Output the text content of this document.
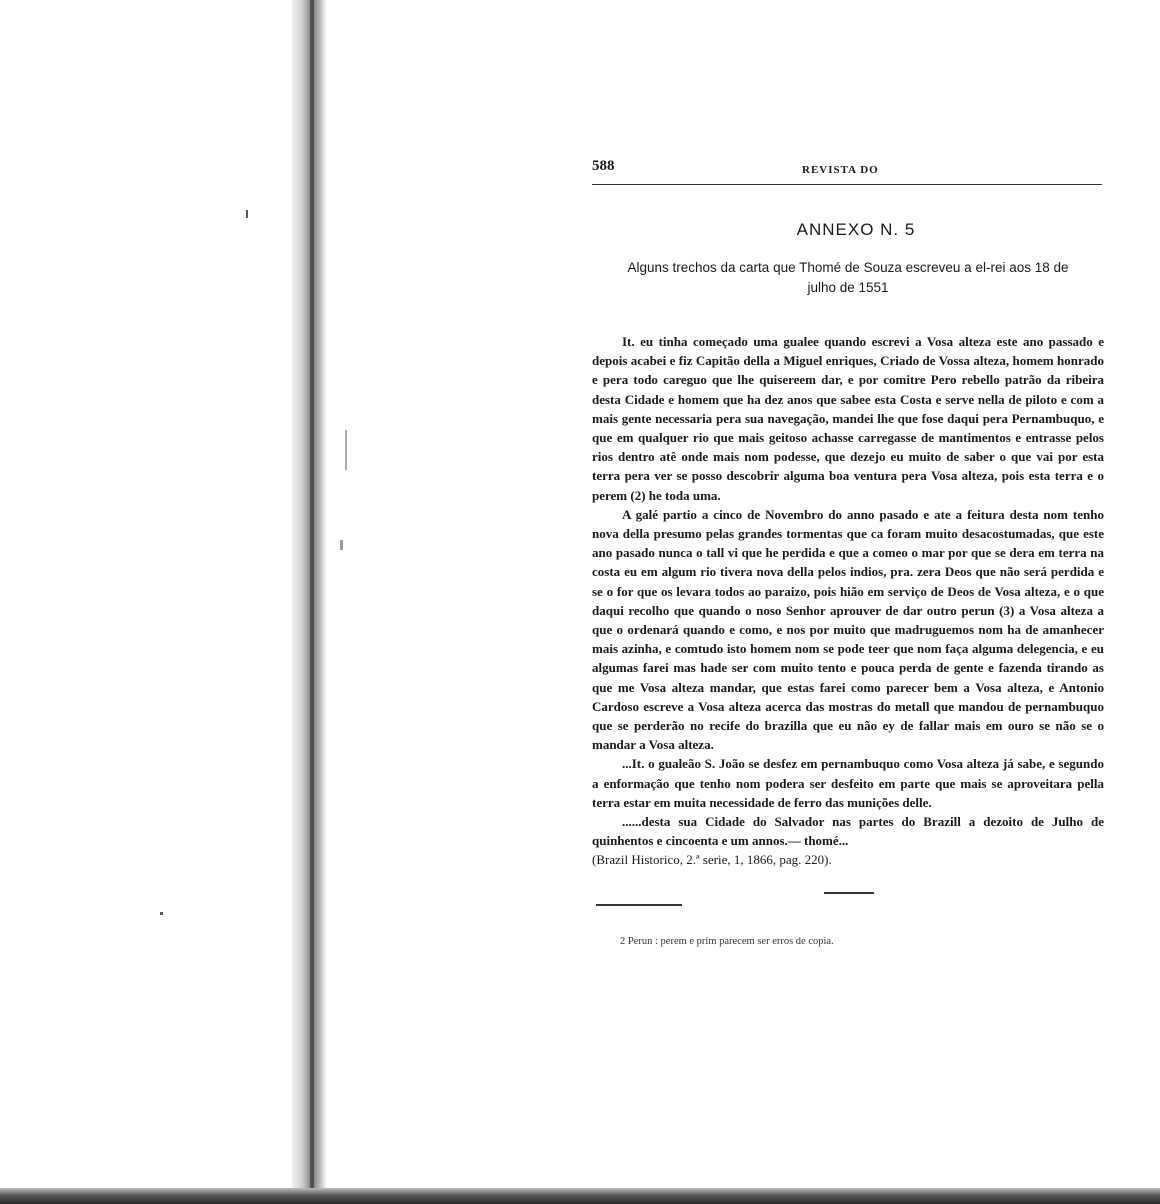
588	REVISTA DO
ANNEXO N. 5
Alguns trechos da carta que Thomé de Souza escreveu a el-rei aos 18 de
julho de 1551

It. eu tinha começado uma gualee quando escrevi a Vosa alteza este ano passado e depois acabei e fiz Capitão della a Miguel enriques, Criado de Vossa alteza, homem honrado e pera todo careguo que lhe quisereem dar, e por comitre Pero rebello patrão da ribeira desta Cidade e homem que ha dez anos que sabee esta Costa e serve nella de piloto e com a mais gente necessaria pera sua navegação, mandei lhe que fose daqui pera Pernambuquo, e que em qualquer rio que mais geitoso achasse carregasse de mantimentos e entrasse pelos rios dentro atê onde mais nom podesse, que dezejo eu muito de saber o que vai por esta terra pera ver se posso descobrir alguma boa ventura pera Vosa alteza, pois esta terra e o perem (2) he toda uma.

A galé partio a cinco de Novembro do anno pasado e ate a feitura desta nom tenho nova della presumo pelas grandes tormentas que ca foram muito desacostumadas, que este ano pasado nunca o tall vi que he perdida e que a comeo o mar por que se dera em terra na costa eu em algum rio tivera nova della pelos indios, pra. zera Deos que não será perdida e se o for que os levara todos ao paraizo, pois hião em serviço de Deos de Vosa alteza, e o que daqui recolho que quando o noso Senhor aprouver de dar outro perun (3) a Vosa alteza a que o ordenará quando e como, e nos por muito que madruguemos nom ha de amanhecer mais azinha, e comtudo isto homem nom se pode teer que nom faça alguma delegencia, e eu algumas farei mas hade ser com muito tento e pouca perda de gente e fazenda tirando as que me Vosa alteza mandar, que estas farei como parecer bem a Vosa alteza, e Antonio Cardoso escreve a Vosa alteza acerca das mostras do metall que mandou de pernambuquo que se perderão no recife do brazilla que eu não ey de fallar mais em ouro se não se o mandar a Vosa alteza.

...It. o gualeão S. João se desfez em pernambuquo como Vosa alteza já sabe, e segundo a enformação que tenho nom podera ser desfeito em parte que mais se aproveitara pella terra estar em muita necessidade de ferro das munições delle.

......desta sua Cidade do Salvador nas partes do Brazill a dezoito de Julho de quinhentos e cincoenta e um annos.— thomé...

(Brazil Historico, 2.ª serie, 1, 1866, pag. 220).

2 Perun : perem e prim parecem ser erros de copia.
